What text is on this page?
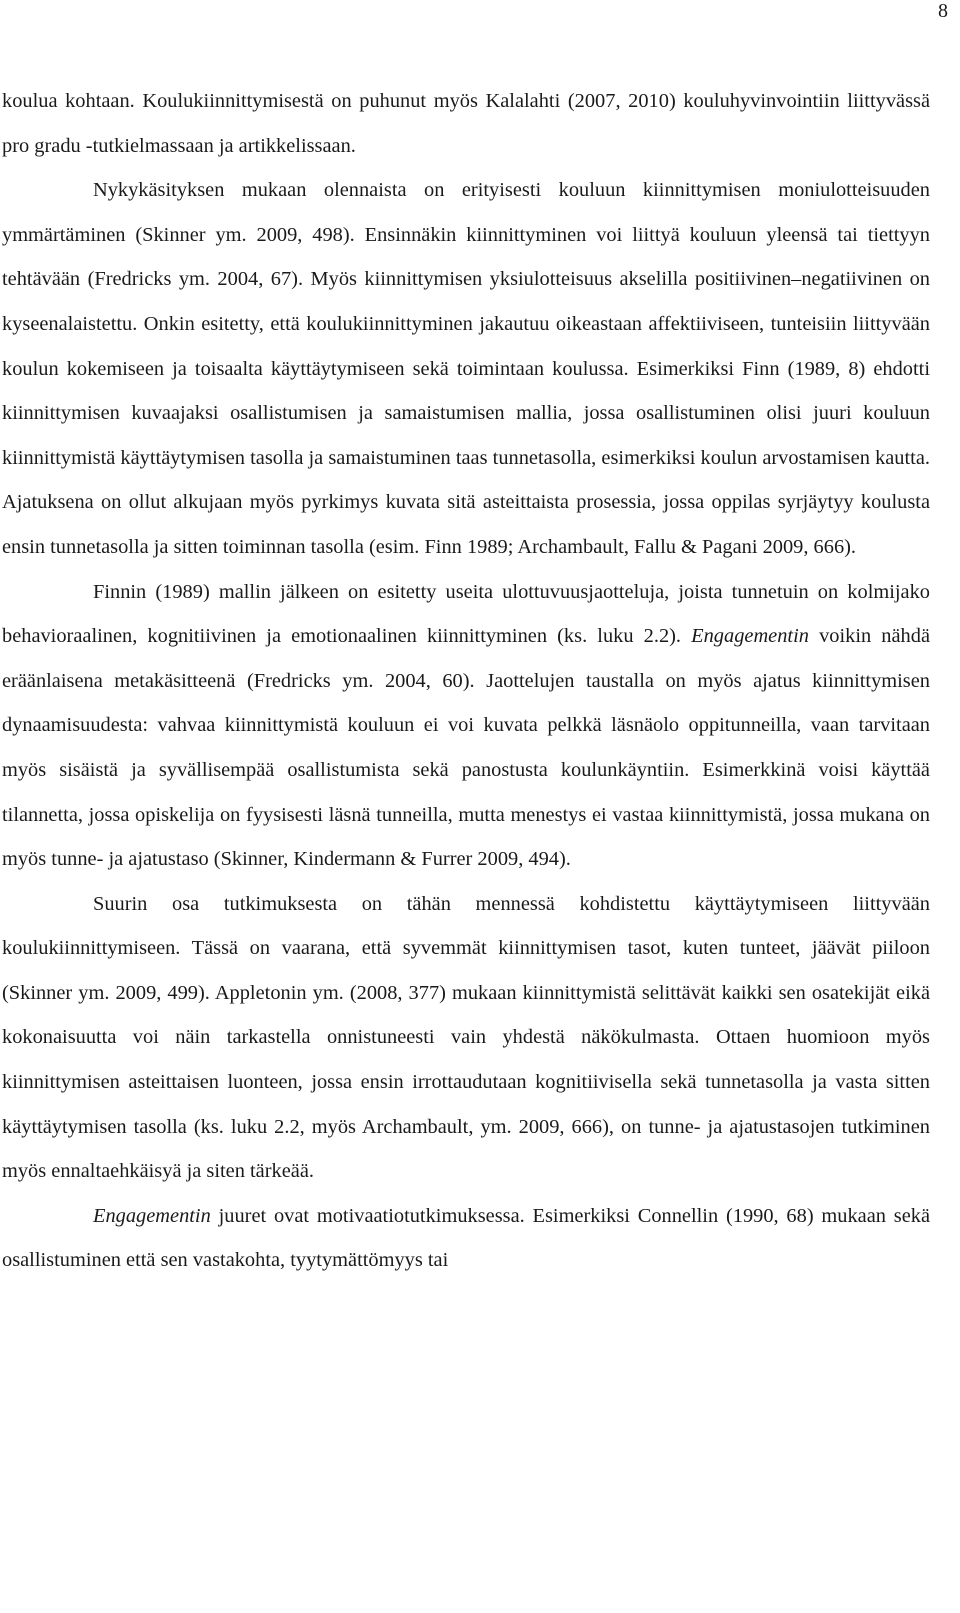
8

koulua kohtaan. Koulukiinnittymisestä on puhunut myös Kalalahti (2007, 2010) kouluhyvinvointiin liittyvässä pro gradu -tutkielmassaan ja artikkelissaan.

Nykykäsityksen mukaan olennaista on erityisesti kouluun kiinnittymisen moniulotteisuuden ymmärtäminen (Skinner ym. 2009, 498). Ensinnäkin kiinnittyminen voi liittyä kouluun yleensä tai tiettyyn tehtävään (Fredricks ym. 2004, 67). Myös kiinnittymisen yksiulotteisuus akselilla positiivinen–negatiivinen on kyseenalaistettu. Onkin esitetty, että koulukiinnittyminen jakautuu oikeastaan affektiiviseen, tunteisiin liittyvään koulun kokemiseen ja toisaalta käyttäytymiseen sekä toimintaan koulussa. Esimerkiksi Finn (1989, 8) ehdotti kiinnittymisen kuvaajaksi osallistumisen ja samaistumisen mallia, jossa osallistuminen olisi juuri kouluun kiinnittymistä käyttäytymisen tasolla ja samaistuminen taas tunnetasolla, esimerkiksi koulun arvostamisen kautta. Ajatuksena on ollut alkujaan myös pyrkimys kuvata sitä asteittaista prosessia, jossa oppilas syrjäytyy koulusta ensin tunnetasolla ja sitten toiminnan tasolla (esim. Finn 1989; Archambault, Fallu & Pagani 2009, 666).

Finnin (1989) mallin jälkeen on esitetty useita ulottuvuusjaotteluja, joista tunnetuin on kolmijako behavioraalinen, kognitiivinen ja emotionaalinen kiinnittyminen (ks. luku 2.2). Engagementin voikin nähdä eräänlaisena metakäsitteenä (Fredricks ym. 2004, 60). Jaottelujen taustalla on myös ajatus kiinnittymisen dynaamisuudesta: vahvaa kiinnittymistä kouluun ei voi kuvata pelkkä läsnäolo oppitunneilla, vaan tarvitaan myös sisäistä ja syvällisempää osallistumista sekä panostusta koulunkäyntiin. Esimerkkinä voisi käyttää tilannetta, jossa opiskelija on fyysisesti läsnä tunneilla, mutta menestys ei vastaa kiinnittymistä, jossa mukana on myös tunne- ja ajatustaso (Skinner, Kindermann & Furrer 2009, 494).

Suurin osa tutkimuksesta on tähän mennessä kohdistettu käyttäytymiseen liittyvään koulukiinnittymiseen. Tässä on vaarana, että syvemmät kiinnittymisen tasot, kuten tunteet, jäävät piiloon (Skinner ym. 2009, 499). Appletonin ym. (2008, 377) mukaan kiinnittymistä selittävät kaikki sen osatekijät eikä kokonaisuutta voi näin tarkastella onnistuneesti vain yhdestä näkökulmasta. Ottaen huomioon myös kiinnittymisen asteittaisen luonteen, jossa ensin irrottaudutaan kognitiivisella sekä tunnetasolla ja vasta sitten käyttäytymisen tasolla (ks. luku 2.2, myös Archambault, ym. 2009, 666), on tunne- ja ajatustasojen tutkiminen myös ennaltaehkäisyä ja siten tärkeää.

Engagementin juuret ovat motivaatiotutkimuksessa. Esimerkiksi Connellin (1990, 68) mukaan sekä osallistuminen että sen vastakohta, tyytymättömyys tai
